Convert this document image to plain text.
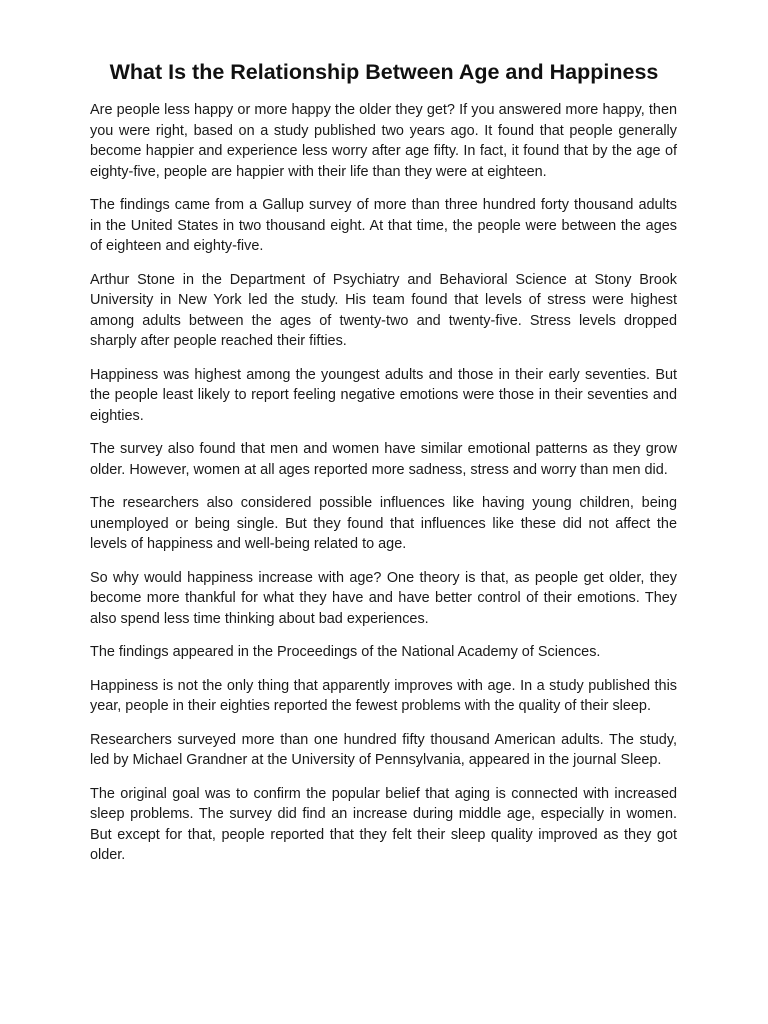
What Is the Relationship Between Age and Happiness

Are people less happy or more happy the older they get? If you answered more happy, then you were right, based on a study published two years ago. It found that people generally become happier and experience less worry after age fifty. In fact, it found that by the age of eighty-five, people are happier with their life than they were at eighteen.

The findings came from a Gallup survey of more than three hundred forty thousand adults in the United States in two thousand eight. At that time, the people were between the ages of eighteen and eighty-five.

Arthur Stone in the Department of Psychiatry and Behavioral Science at Stony Brook University in New York led the study. His team found that levels of stress were highest among adults between the ages of twenty-two and twenty-five. Stress levels dropped sharply after people reached their fifties.

Happiness was highest among the youngest adults and those in their early seventies. But the people least likely to report feeling negative emotions were those in their seventies and eighties.

The survey also found that men and women have similar emotional patterns as they grow older. However, women at all ages reported more sadness, stress and worry than men did.

The researchers also considered possible influences like having young children, being unemployed or being single. But they found that influences like these did not affect the levels of happiness and well-being related to age.

So why would happiness increase with age? One theory is that, as people get older, they become more thankful for what they have and have better control of their emotions. They also spend less time thinking about bad experiences.

The findings appeared in the Proceedings of the National Academy of Sciences.

Happiness is not the only thing that apparently improves with age. In a study published this year, people in their eighties reported the fewest problems with the quality of their sleep.

Researchers surveyed more than one hundred fifty thousand American adults. The study, led by Michael Grandner at the University of Pennsylvania, appeared in the journal Sleep.

The original goal was to confirm the popular belief that aging is connected with increased sleep problems. The survey did find an increase during middle age, especially in women. But except for that, people reported that they felt their sleep quality improved as they got older.
